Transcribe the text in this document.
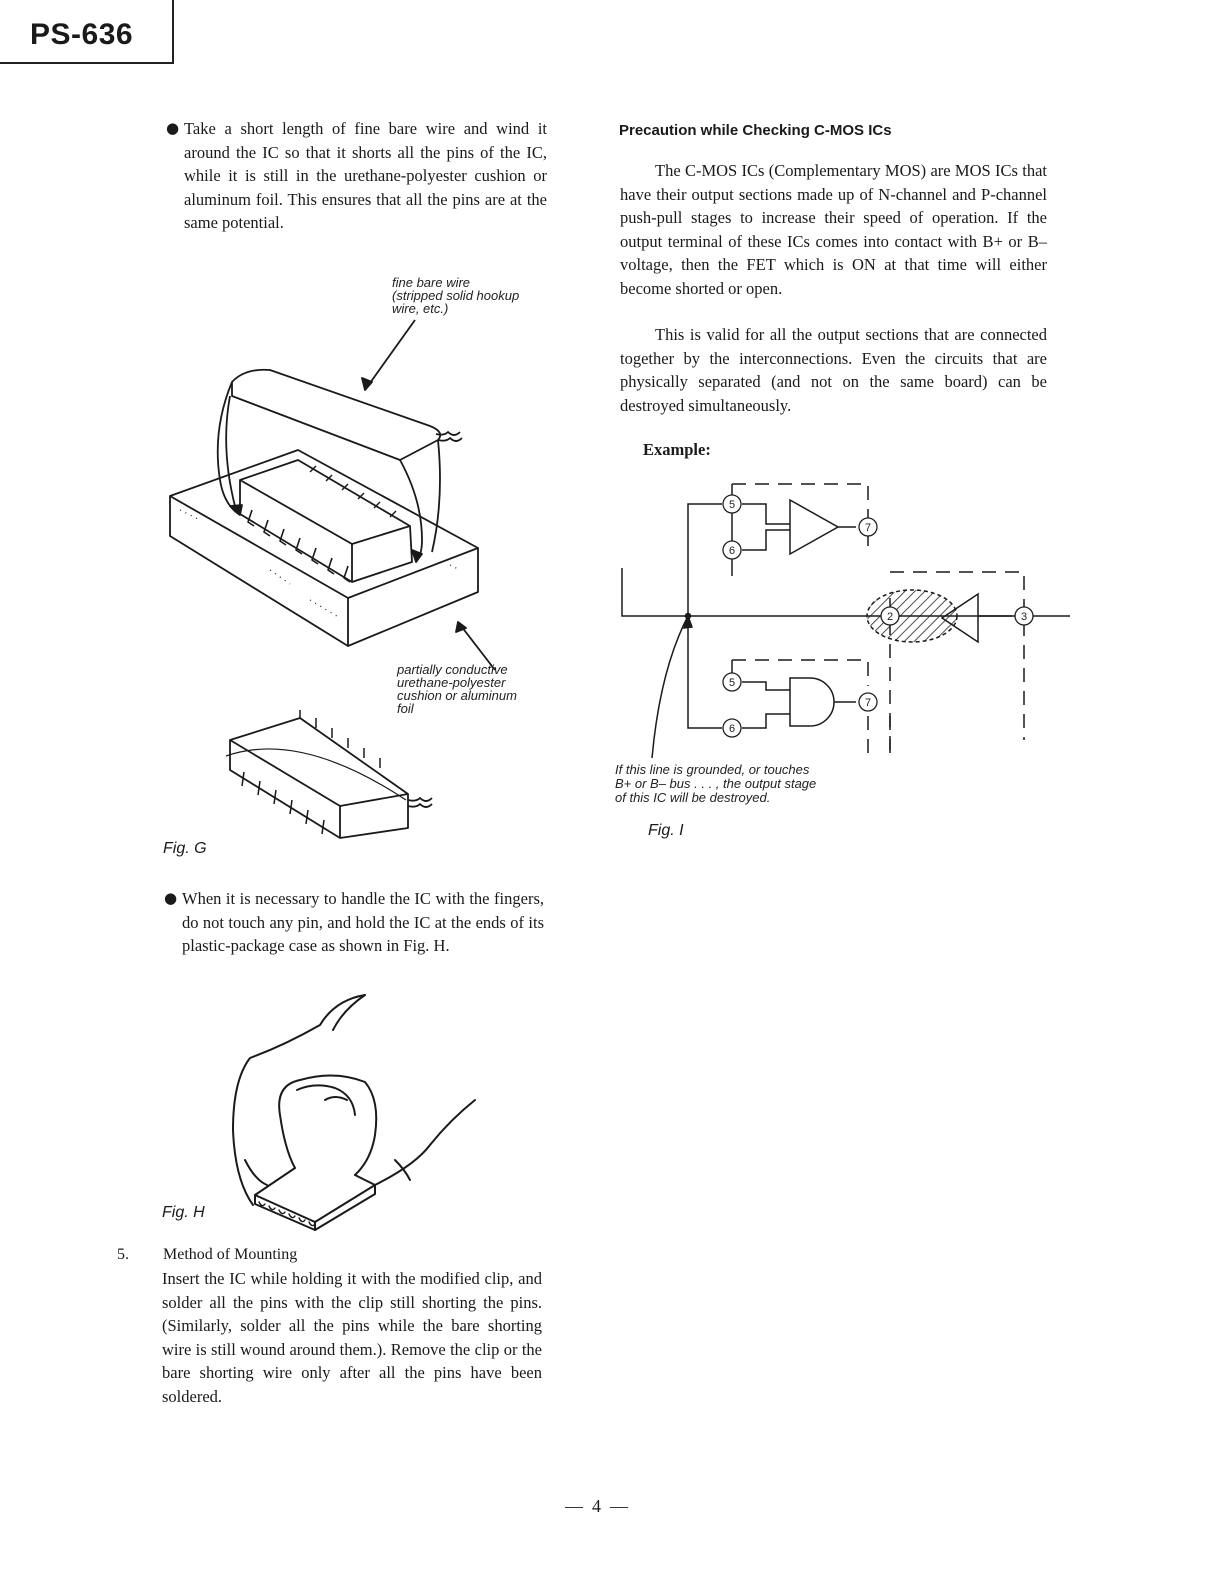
PS-636
● Take a short length of fine bare wire and wind it around the IC so that it shorts all the pins of the IC, while it is still in the urethane-polyester cushion or aluminum foil. This ensures that all the pins are at the same potential.
fine bare wire
(stripped solid hookup
wire, etc.)
partially conductive
urethane-polyester
cushion or aluminum
foil
Fig. G
● When it is necessary to handle the IC with the fingers, do not touch any pin, and hold the IC at the ends of its plastic-package case as shown in Fig. H.
Fig. H
5. Method of Mounting
Insert the IC while holding it with the modified clip, and solder all the pins with the clip still shorting the pins. (Similarly, solder all the pins while the bare shorting wire is still wound around them.). Remove the clip or the bare shorting wire only after all the pins have been soldered.
Precaution while Checking C-MOS ICs
The C-MOS ICs (Complementary MOS) are MOS ICs that have their output sections made up of N-channel and P-channel push-pull stages to increase their speed of operation. If the output terminal of these ICs comes into contact with B+ or B– voltage, then the FET which is ON at that time will either become shorted or open.
This is valid for all the output sections that are connected together by the interconnections. Even the circuits that are physically separated (and not on the same board) can be destroyed simultaneously.
Example:
5
6
7
2	3
5
6
7
If this line is grounded, or touches
B+ or B– bus . . . , the output stage
of this IC will be destroyed.
Fig. I
—  4  —
